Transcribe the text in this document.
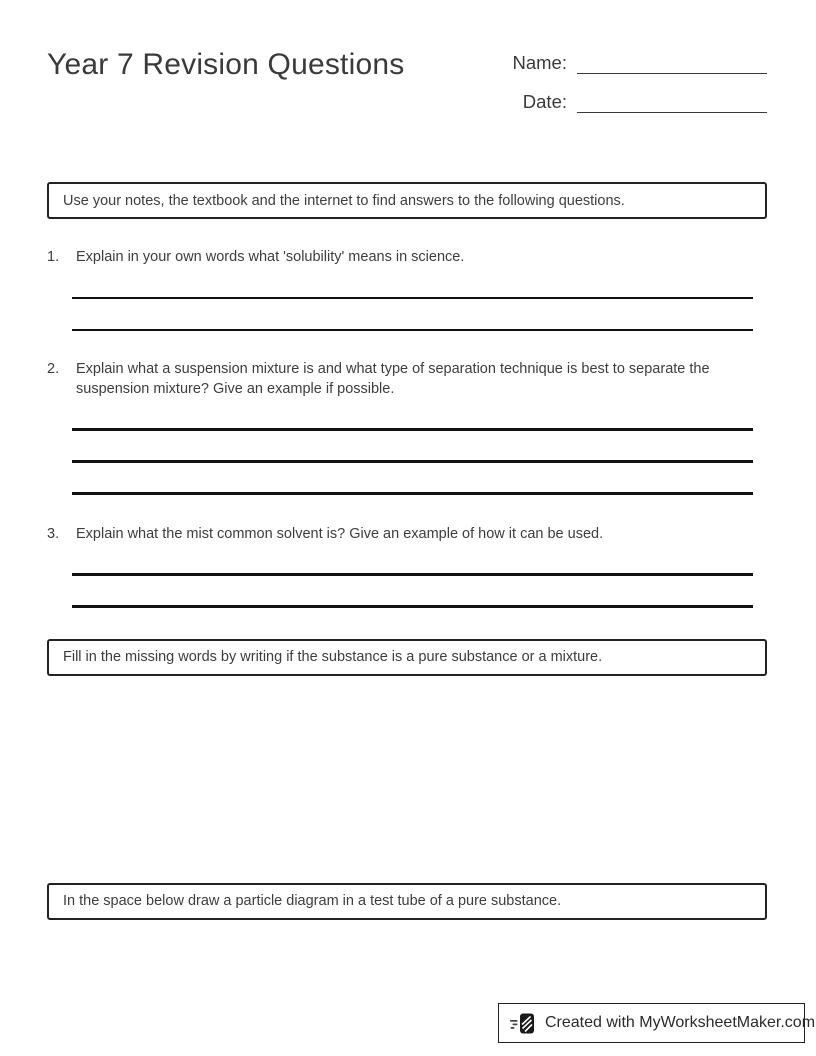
Year 7 Revision Questions	Name:
Date:
Use your notes, the textbook and the internet to find answers to the following questions.
1.	Explain in your own words what 'solubility' means in science.
2.	Explain what a suspension mixture is and what type of separation technique is best to separate the suspension mixture? Give an example if possible.
3.	Explain what the mist common solvent is? Give an example of how it can be used.
Fill in the missing words by writing if the substance is a pure substance or a mixture.
In the space below draw a particle diagram in a test tube of a pure substance.
Created with MyWorksheetMaker.com
